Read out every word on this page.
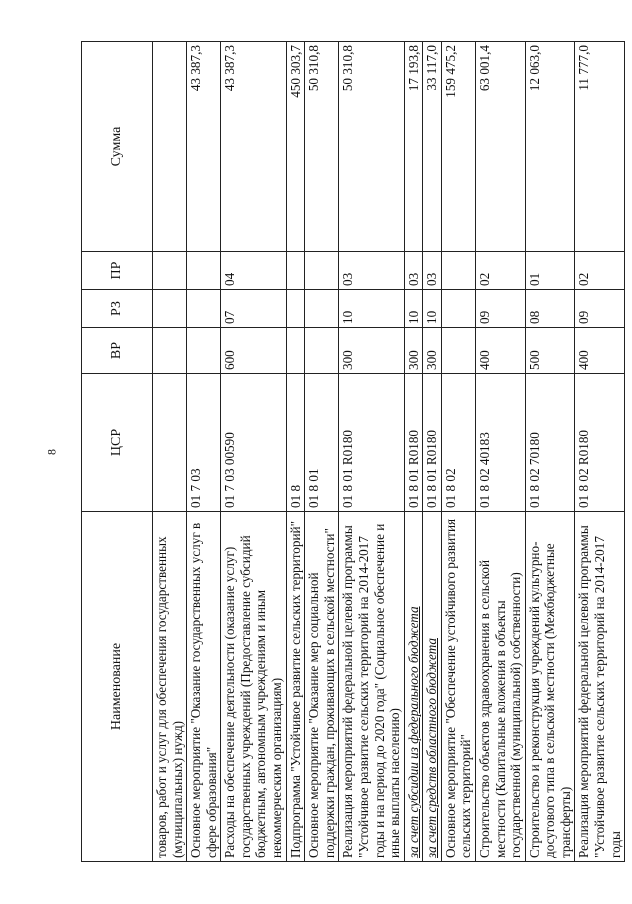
8
Наименование	ЦСР	ВР	РЗ	ПР	Сумма
товаров, работ и услуг для обеспечения государственных (муниципальных) нужд)					
Основное мероприятие "Оказание государственных услуг в сфере образования"	01 7 03				43 387,3
Расходы на обеспечение деятельности (оказание услуг) государственных учреждений (Предоставление субсидий бюджетным, автономным учреждениям и иным некоммерческим организациям)	01 7 03 00590	600	07	04	43 387,3
Подпрограмма "Устойчивое развитие сельских территорий"	01 8				450 303,7
Основное мероприятие "Оказание мер социальной поддержки граждан, проживающих в сельской местности"	01 8 01				50 310,8
Реализация мероприятий федеральной целевой программы "Устойчивое развитие сельских территорий на 2014-2017 годы и на период до 2020 года" (Социальное обеспечение и иные выплаты населению)	01 8 01 R0180	300	10	03	50 310,8
за счет субсидии из федерального бюджета	01 8 01 R0180	300	10	03	17 193,8
за счет средств областного бюджета	01 8 01 R0180	300	10	03	33 117,0
Основное мероприятие "Обеспечение устойчивого развития сельских территорий"	01 8 02				159 475,2
Строительство объектов здравоохранения в сельской местности (Капитальные вложения в объекты государственной (муниципальной) собственности)	01 8 02 40183	400	09	02	63 001,4
Строительство и реконструкция учреждений культурно-досугового типа в сельской местности (Межбюджетные трансферты)	01 8 02 70180	500	08	01	12 063,0
Реализация мероприятий федеральной целевой программы "Устойчивое развитие сельских территорий на 2014-2017 годы	01 8 02 R0180	400	09	02	11 777,0
